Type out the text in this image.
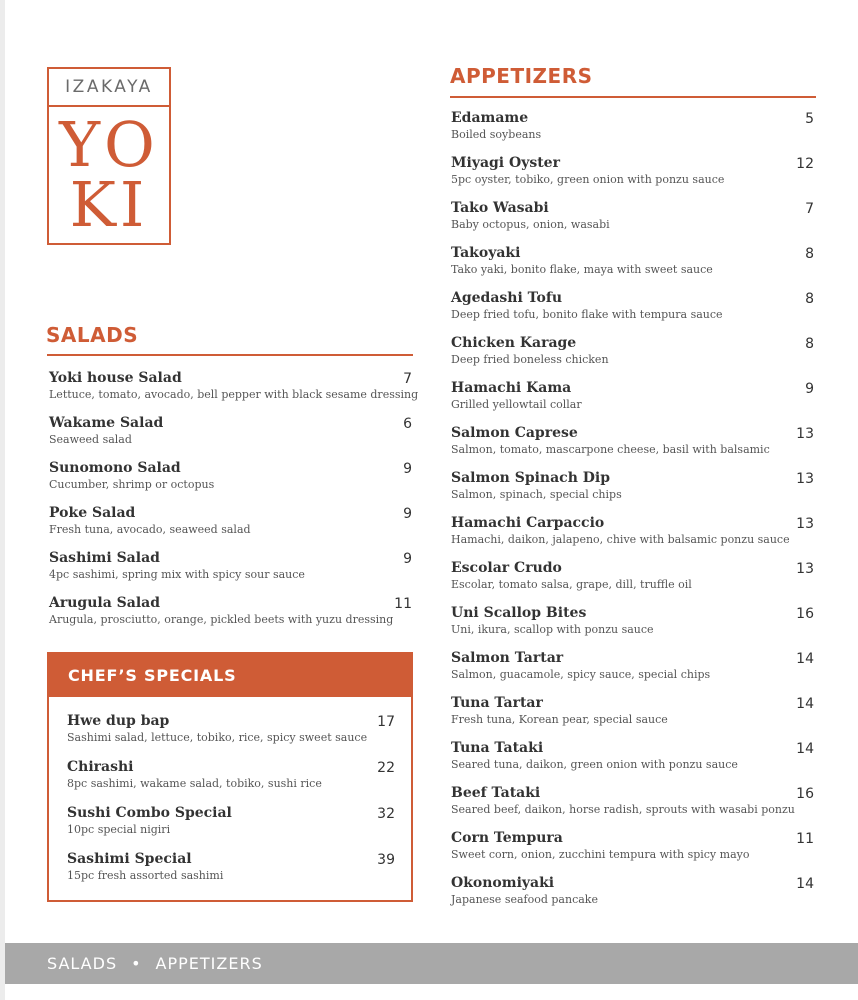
IZAKAYA
YO
KI
SALADS
Yoki house Salad
Lettuce, tomato, avocado, bell pepper with black sesame dressing
7
Wakame Salad
Seaweed salad
6
Sunomono Salad
Cucumber, shrimp or octopus
9
Poke Salad
Fresh tuna, avocado, seaweed salad
9
Sashimi Salad
4pc sashimi, spring mix with spicy sour sauce
9
Arugula Salad
Arugula, prosciutto, orange, pickled beets with yuzu dressing
11
CHEF’S SPECIALS
Hwe dup bap
Sashimi salad, lettuce, tobiko, rice, spicy sweet sauce
17
Chirashi
8pc sashimi, wakame salad, tobiko, sushi rice
22
Sushi Combo Special
10pc special nigiri
32
Sashimi Special
15pc fresh assorted sashimi
39
APPETIZERS
Edamame
Boiled soybeans
5
Miyagi Oyster
5pc oyster, tobiko, green onion with ponzu sauce
12
Tako Wasabi
Baby octopus, onion, wasabi
7
Takoyaki
Tako yaki, bonito flake, maya with sweet sauce
8
Agedashi Tofu
Deep fried tofu, bonito flake with tempura sauce
8
Chicken Karage
Deep fried boneless chicken
8
Hamachi Kama
Grilled yellowtail collar
9
Salmon Caprese
Salmon, tomato, mascarpone cheese, basil with balsamic
13
Salmon Spinach Dip
Salmon, spinach, special chips
13
Hamachi Carpaccio
Hamachi, daikon, jalapeno, chive with balsamic ponzu sauce
13
Escolar Crudo
Escolar, tomato salsa, grape, dill, truffle oil
13
Uni Scallop Bites
Uni, ikura, scallop with ponzu sauce
16
Salmon Tartar
Salmon, guacamole, spicy sauce, special chips
14
Tuna Tartar
Fresh tuna, Korean pear, special sauce
14
Tuna Tataki
Seared tuna, daikon, green onion with ponzu sauce
14
Beef Tataki
Seared beef, daikon, horse radish, sprouts with wasabi ponzu
16
Corn Tempura
Sweet corn, onion, zucchini tempura with spicy mayo
11
Okonomiyaki
Japanese seafood pancake
14
SALADS • APPETIZERS
